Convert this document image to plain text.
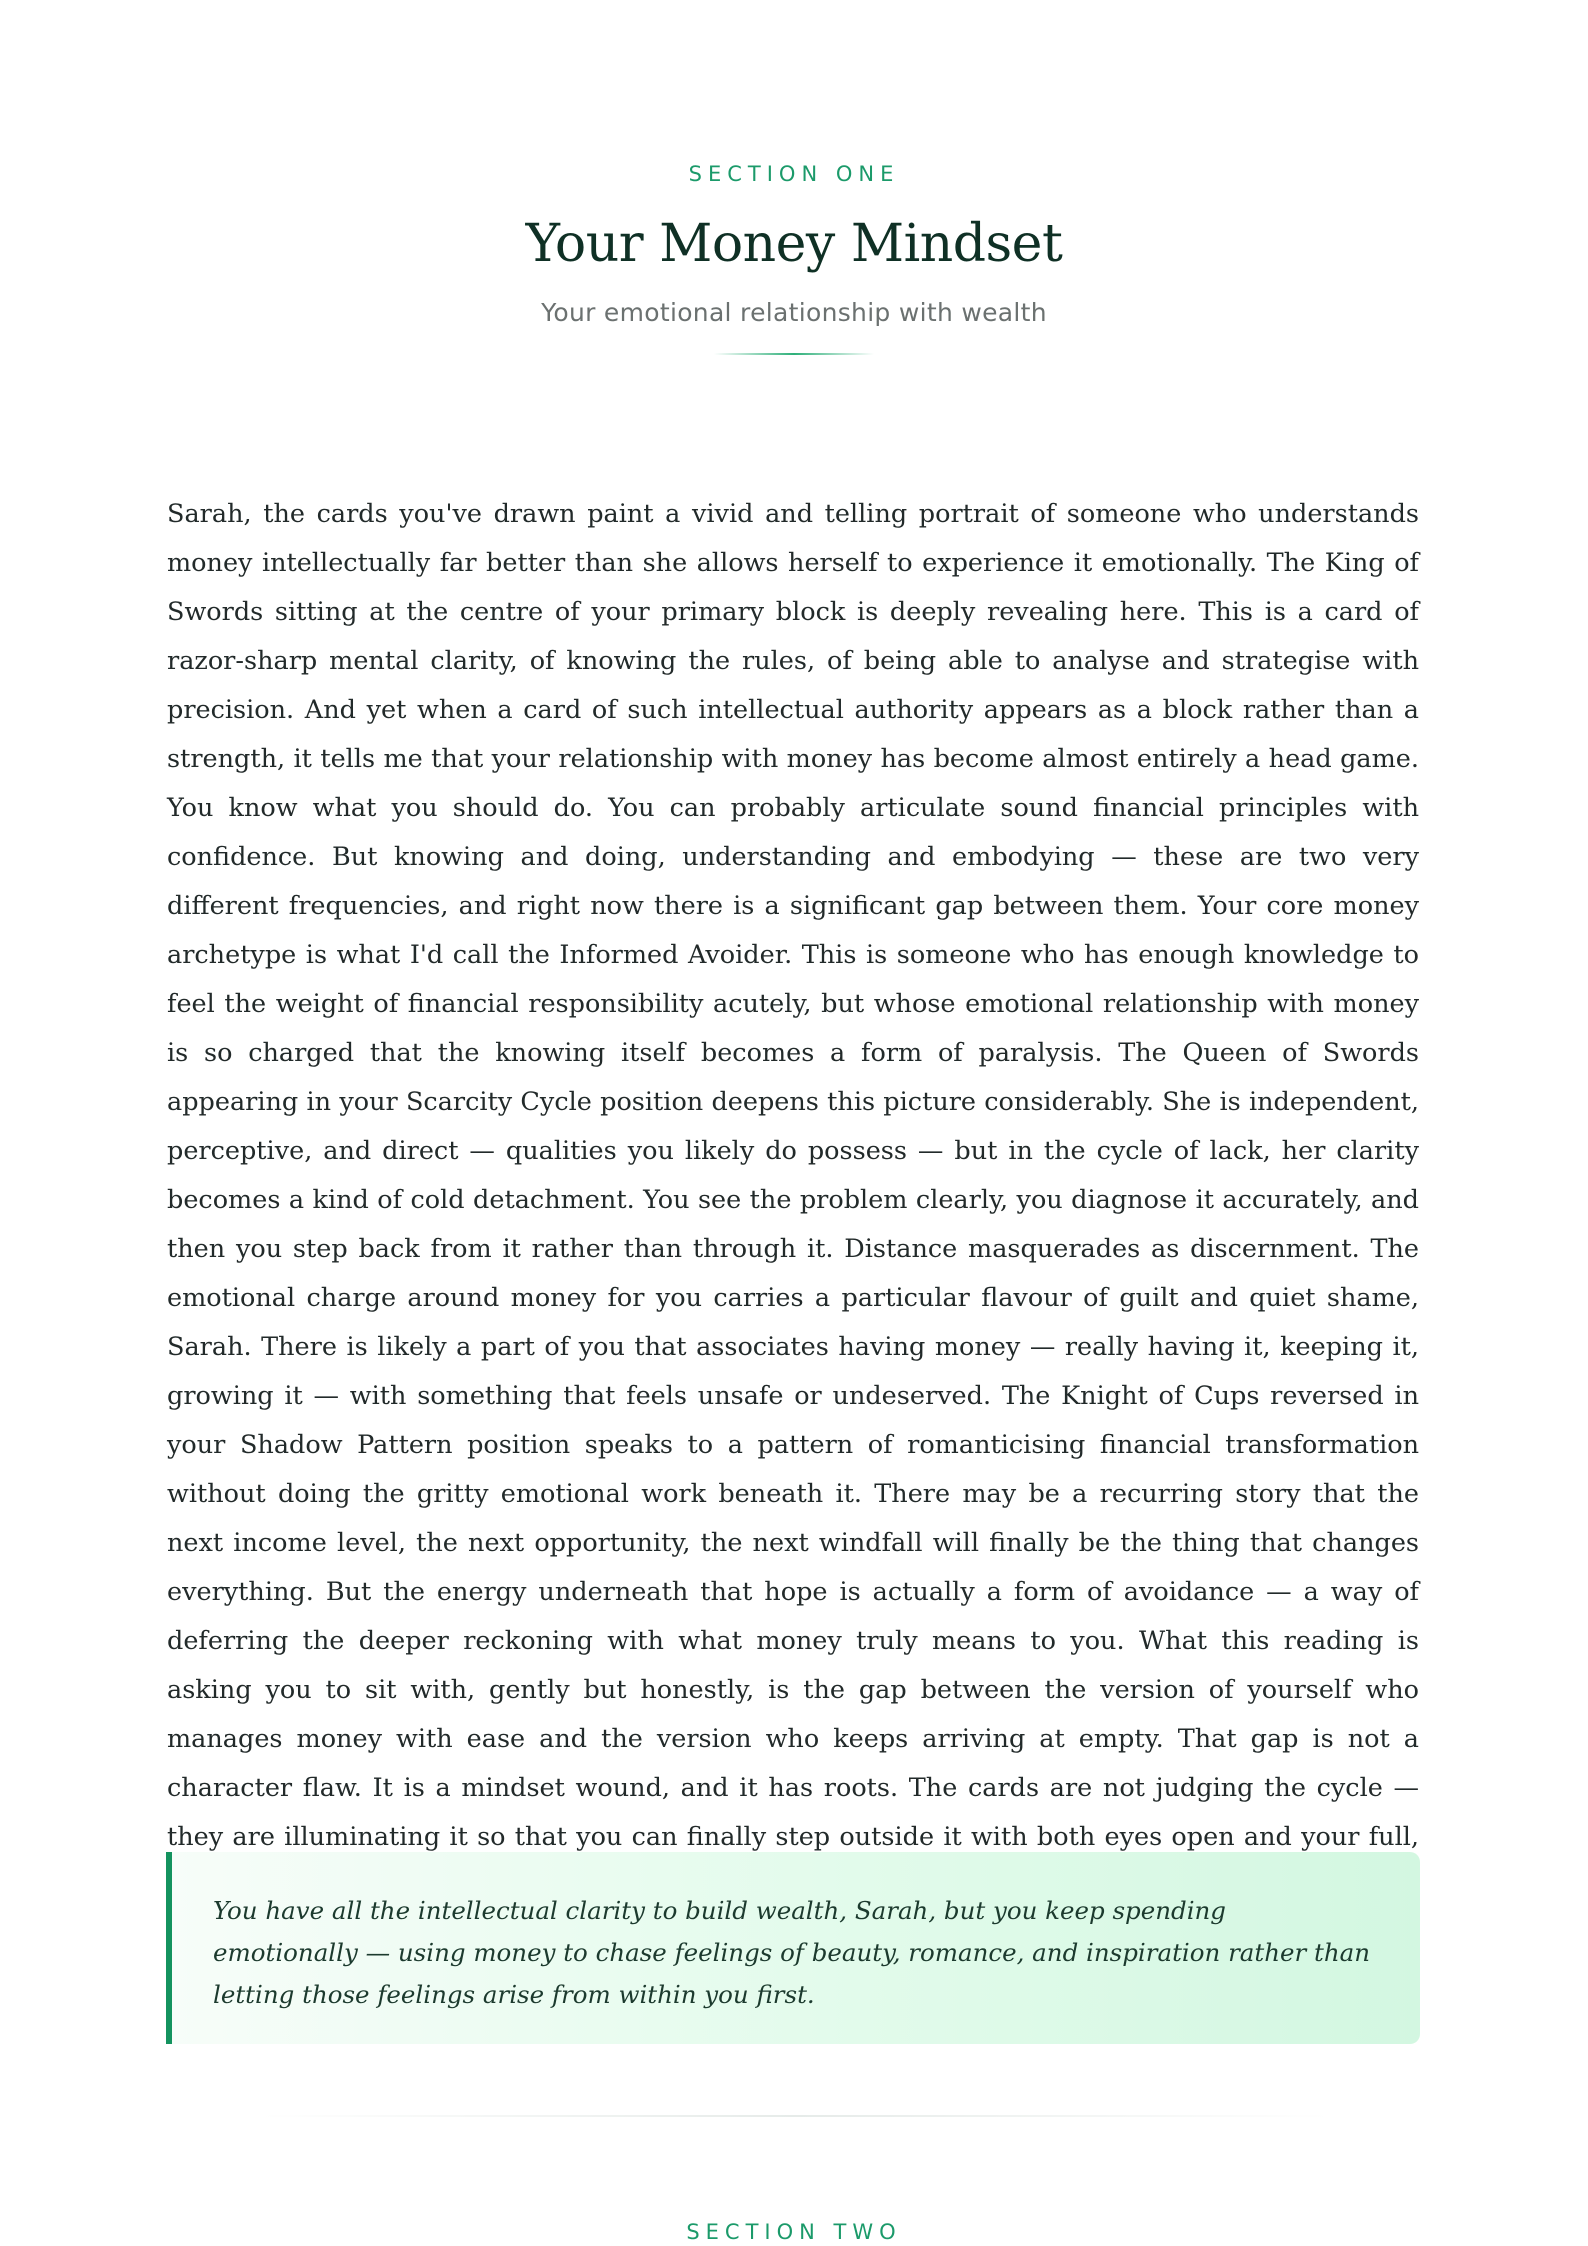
SECTION ONE
Your Money Mindset
Your emotional relationship with wealth

Sarah, the cards you've drawn paint a vivid and telling portrait of someone who understands money intellectually far better than she allows herself to experience it emotionally. The King of Swords sitting at the centre of your primary block is deeply revealing here. This is a card of razor-sharp mental clarity, of knowing the rules, of being able to analyse and strategise with precision. And yet when a card of such intellectual authority appears as a block rather than a strength, it tells me that your relationship with money has become almost entirely a head game. You know what you should do. You can probably articulate sound financial principles with confidence. But knowing and doing, understanding and embodying — these are two very different frequencies, and right now there is a significant gap between them. Your core money archetype is what I'd call the Informed Avoider. This is someone who has enough knowledge to feel the weight of financial responsibility acutely, but whose emotional relationship with money is so charged that the knowing itself becomes a form of paralysis. The Queen of Swords appearing in your Scarcity Cycle position deepens this picture considerably. She is independent, perceptive, and direct — qualities you likely do possess — but in the cycle of lack, her clarity becomes a kind of cold detachment. You see the problem clearly, you diagnose it accurately, and then you step back from it rather than through it. Distance masquerades as discernment. The emotional charge around money for you carries a particular flavour of guilt and quiet shame, Sarah. There is likely a part of you that associates having money — really having it, keeping it, growing it — with something that feels unsafe or undeserved. The Knight of Cups reversed in your Shadow Pattern position speaks to a pattern of romanticising financial transformation without doing the gritty emotional work beneath it. There may be a recurring story that the next income level, the next opportunity, the next windfall will finally be the thing that changes everything. But the energy underneath that hope is actually a form of avoidance — a way of deferring the deeper reckoning with what money truly means to you. What this reading is asking you to sit with, gently but honestly, is the gap between the version of yourself who manages money with ease and the version who keeps arriving at empty. That gap is not a character flaw. It is a mindset wound, and it has roots. The cards are not judging the cycle — they are illuminating it so that you can finally step outside it with both eyes open and your full,

You have all the intellectual clarity to build wealth, Sarah, but you keep spending emotionally — using money to chase feelings of beauty, romance, and inspiration rather than letting those feelings arise from within you first.

SECTION TWO
